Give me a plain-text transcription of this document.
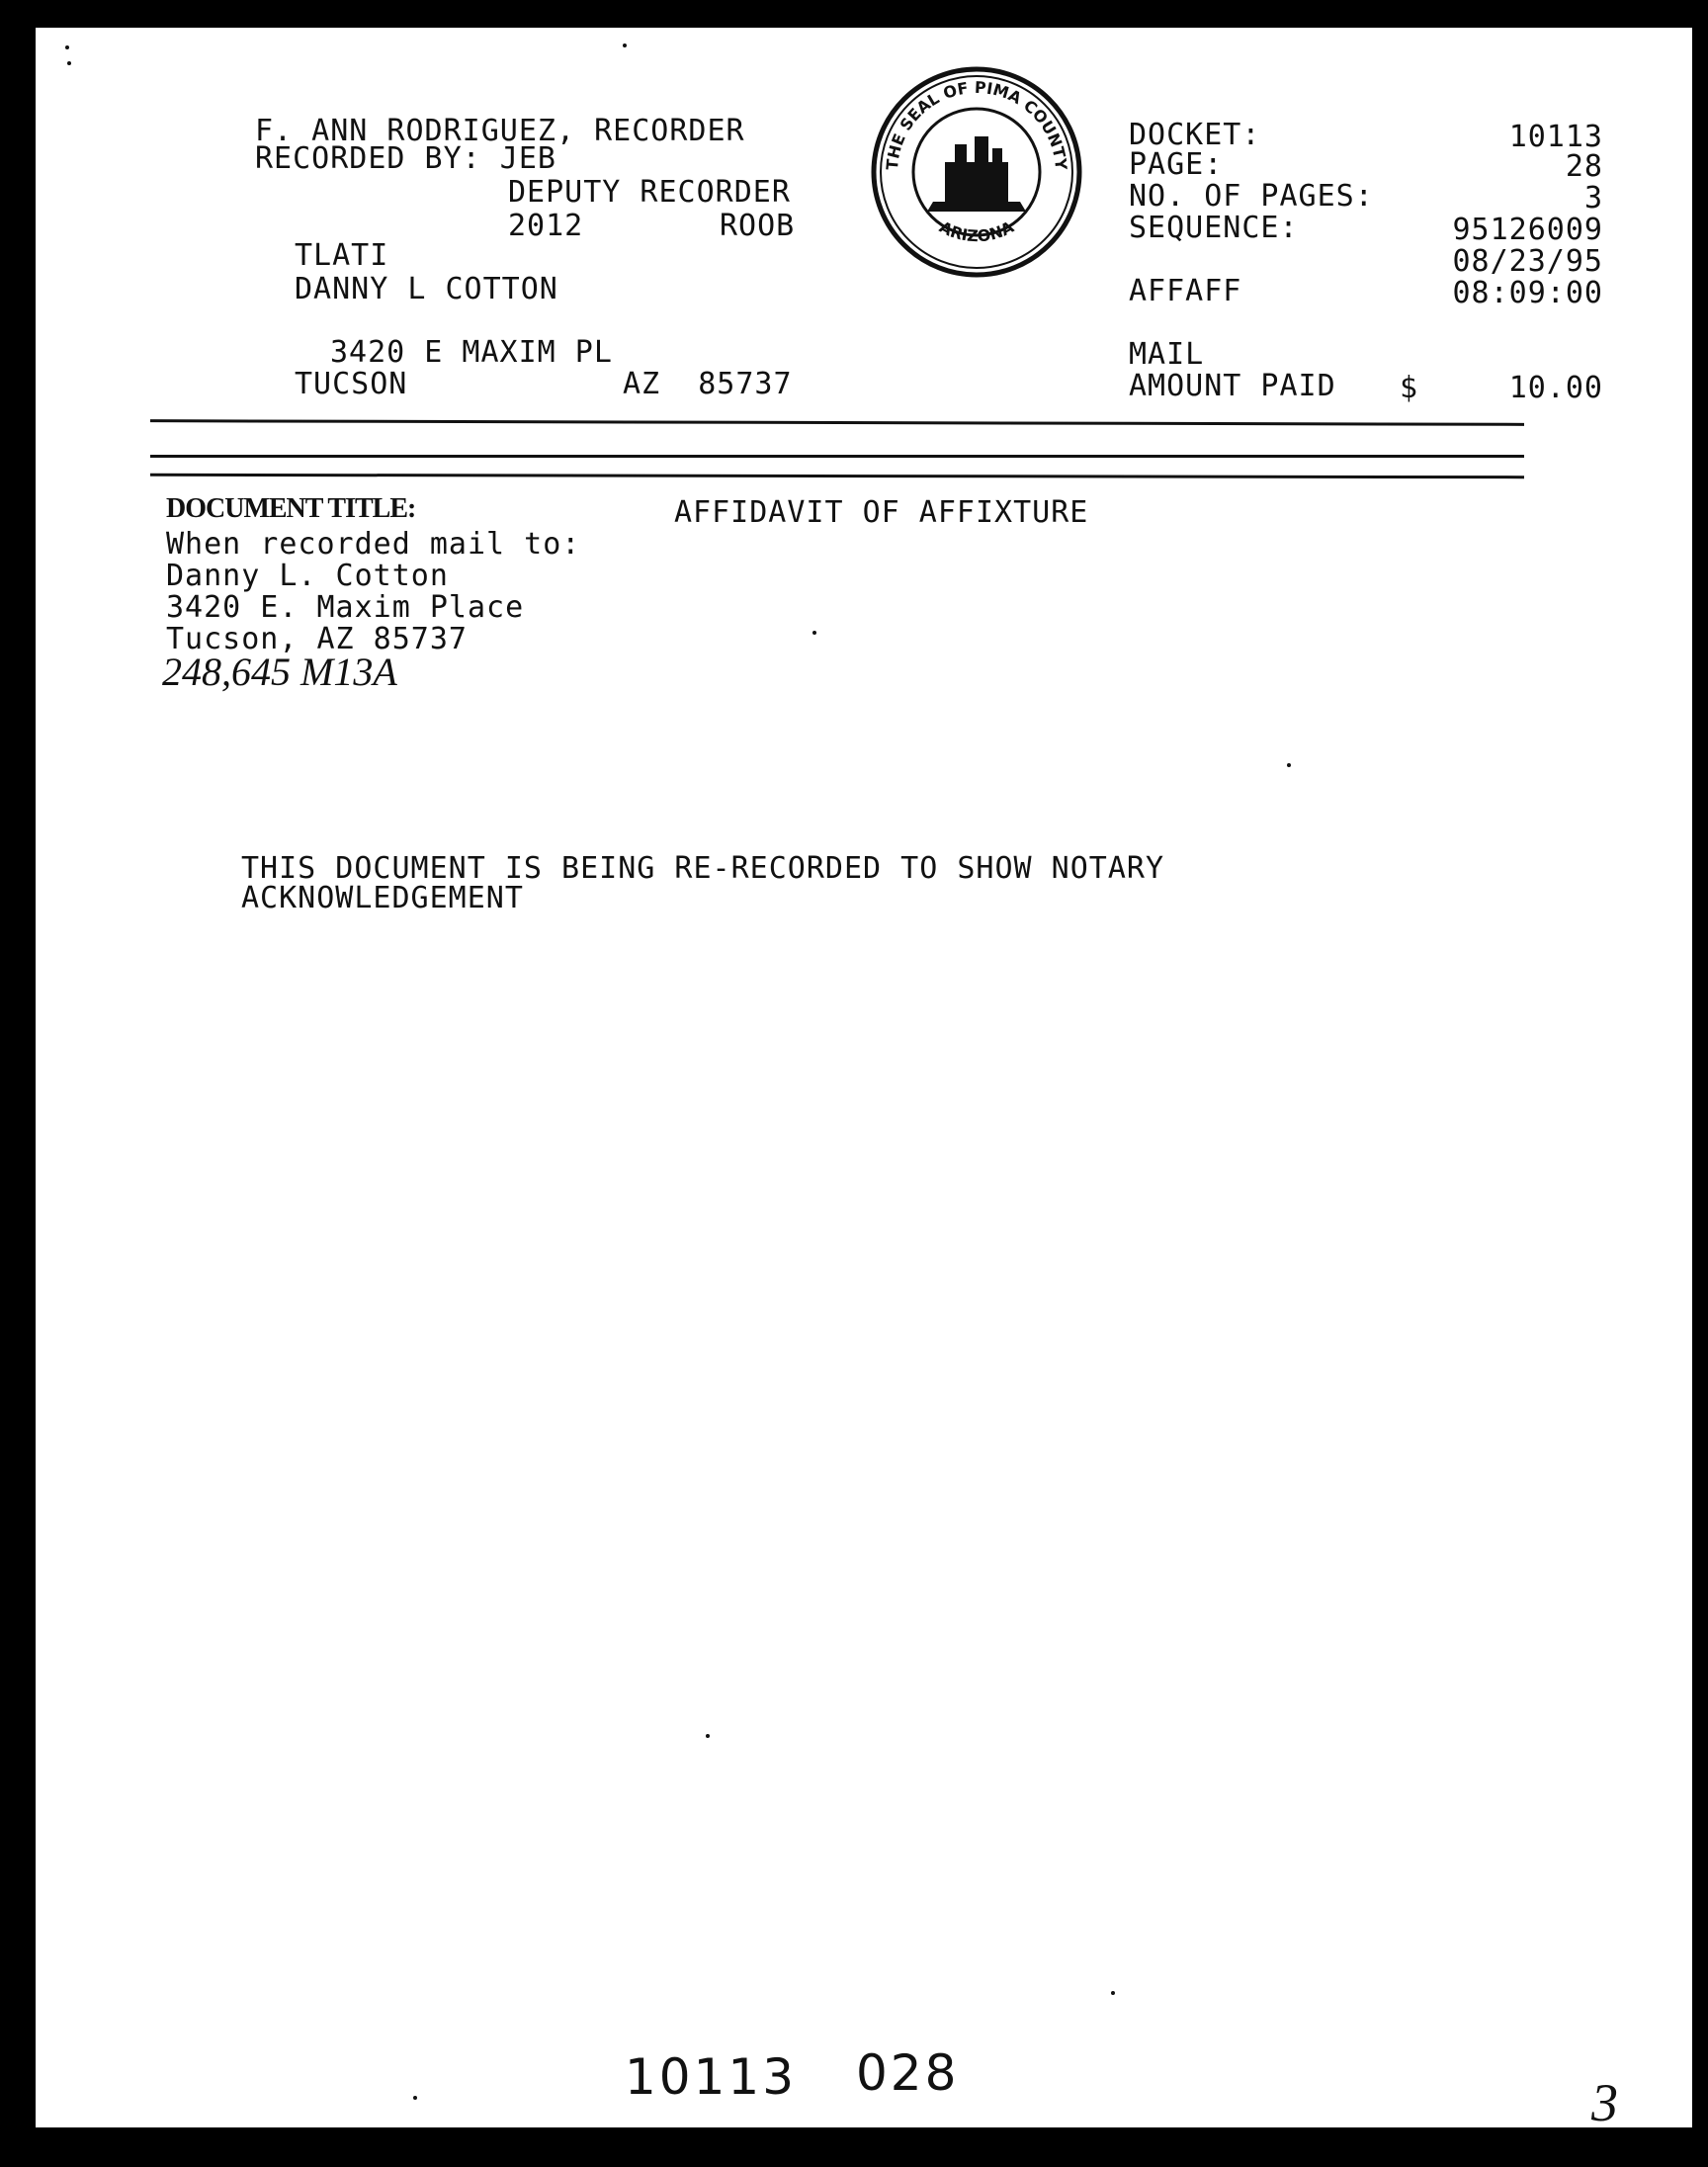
F. ANN RODRIGUEZ, RECORDER
RECORDED BY: JEB
DEPUTY RECORDER
2012	ROOB
TLATI
DANNY L COTTON
3420 E MAXIM PL
TUCSON	AZ  85737
THE SEAL OF PIMA COUNTY
ARIZONA
DOCKET:	10113
PAGE:	28
NO. OF PAGES:	3
SEQUENCE:	95126009
08/23/95
AFFAFF	08:09:00
MAIL
AMOUNT PAID $	10.00
DOCUMENT TITLE:	AFFIDAVIT OF AFFIXTURE
When recorded mail to:
Danny L. Cotton
3420 E. Maxim Place
Tucson, AZ 85737
248,645 M13A
THIS DOCUMENT IS BEING RE-RECORDED TO SHOW NOTARY
ACKNOWLEDGEMENT
10113 028	3
